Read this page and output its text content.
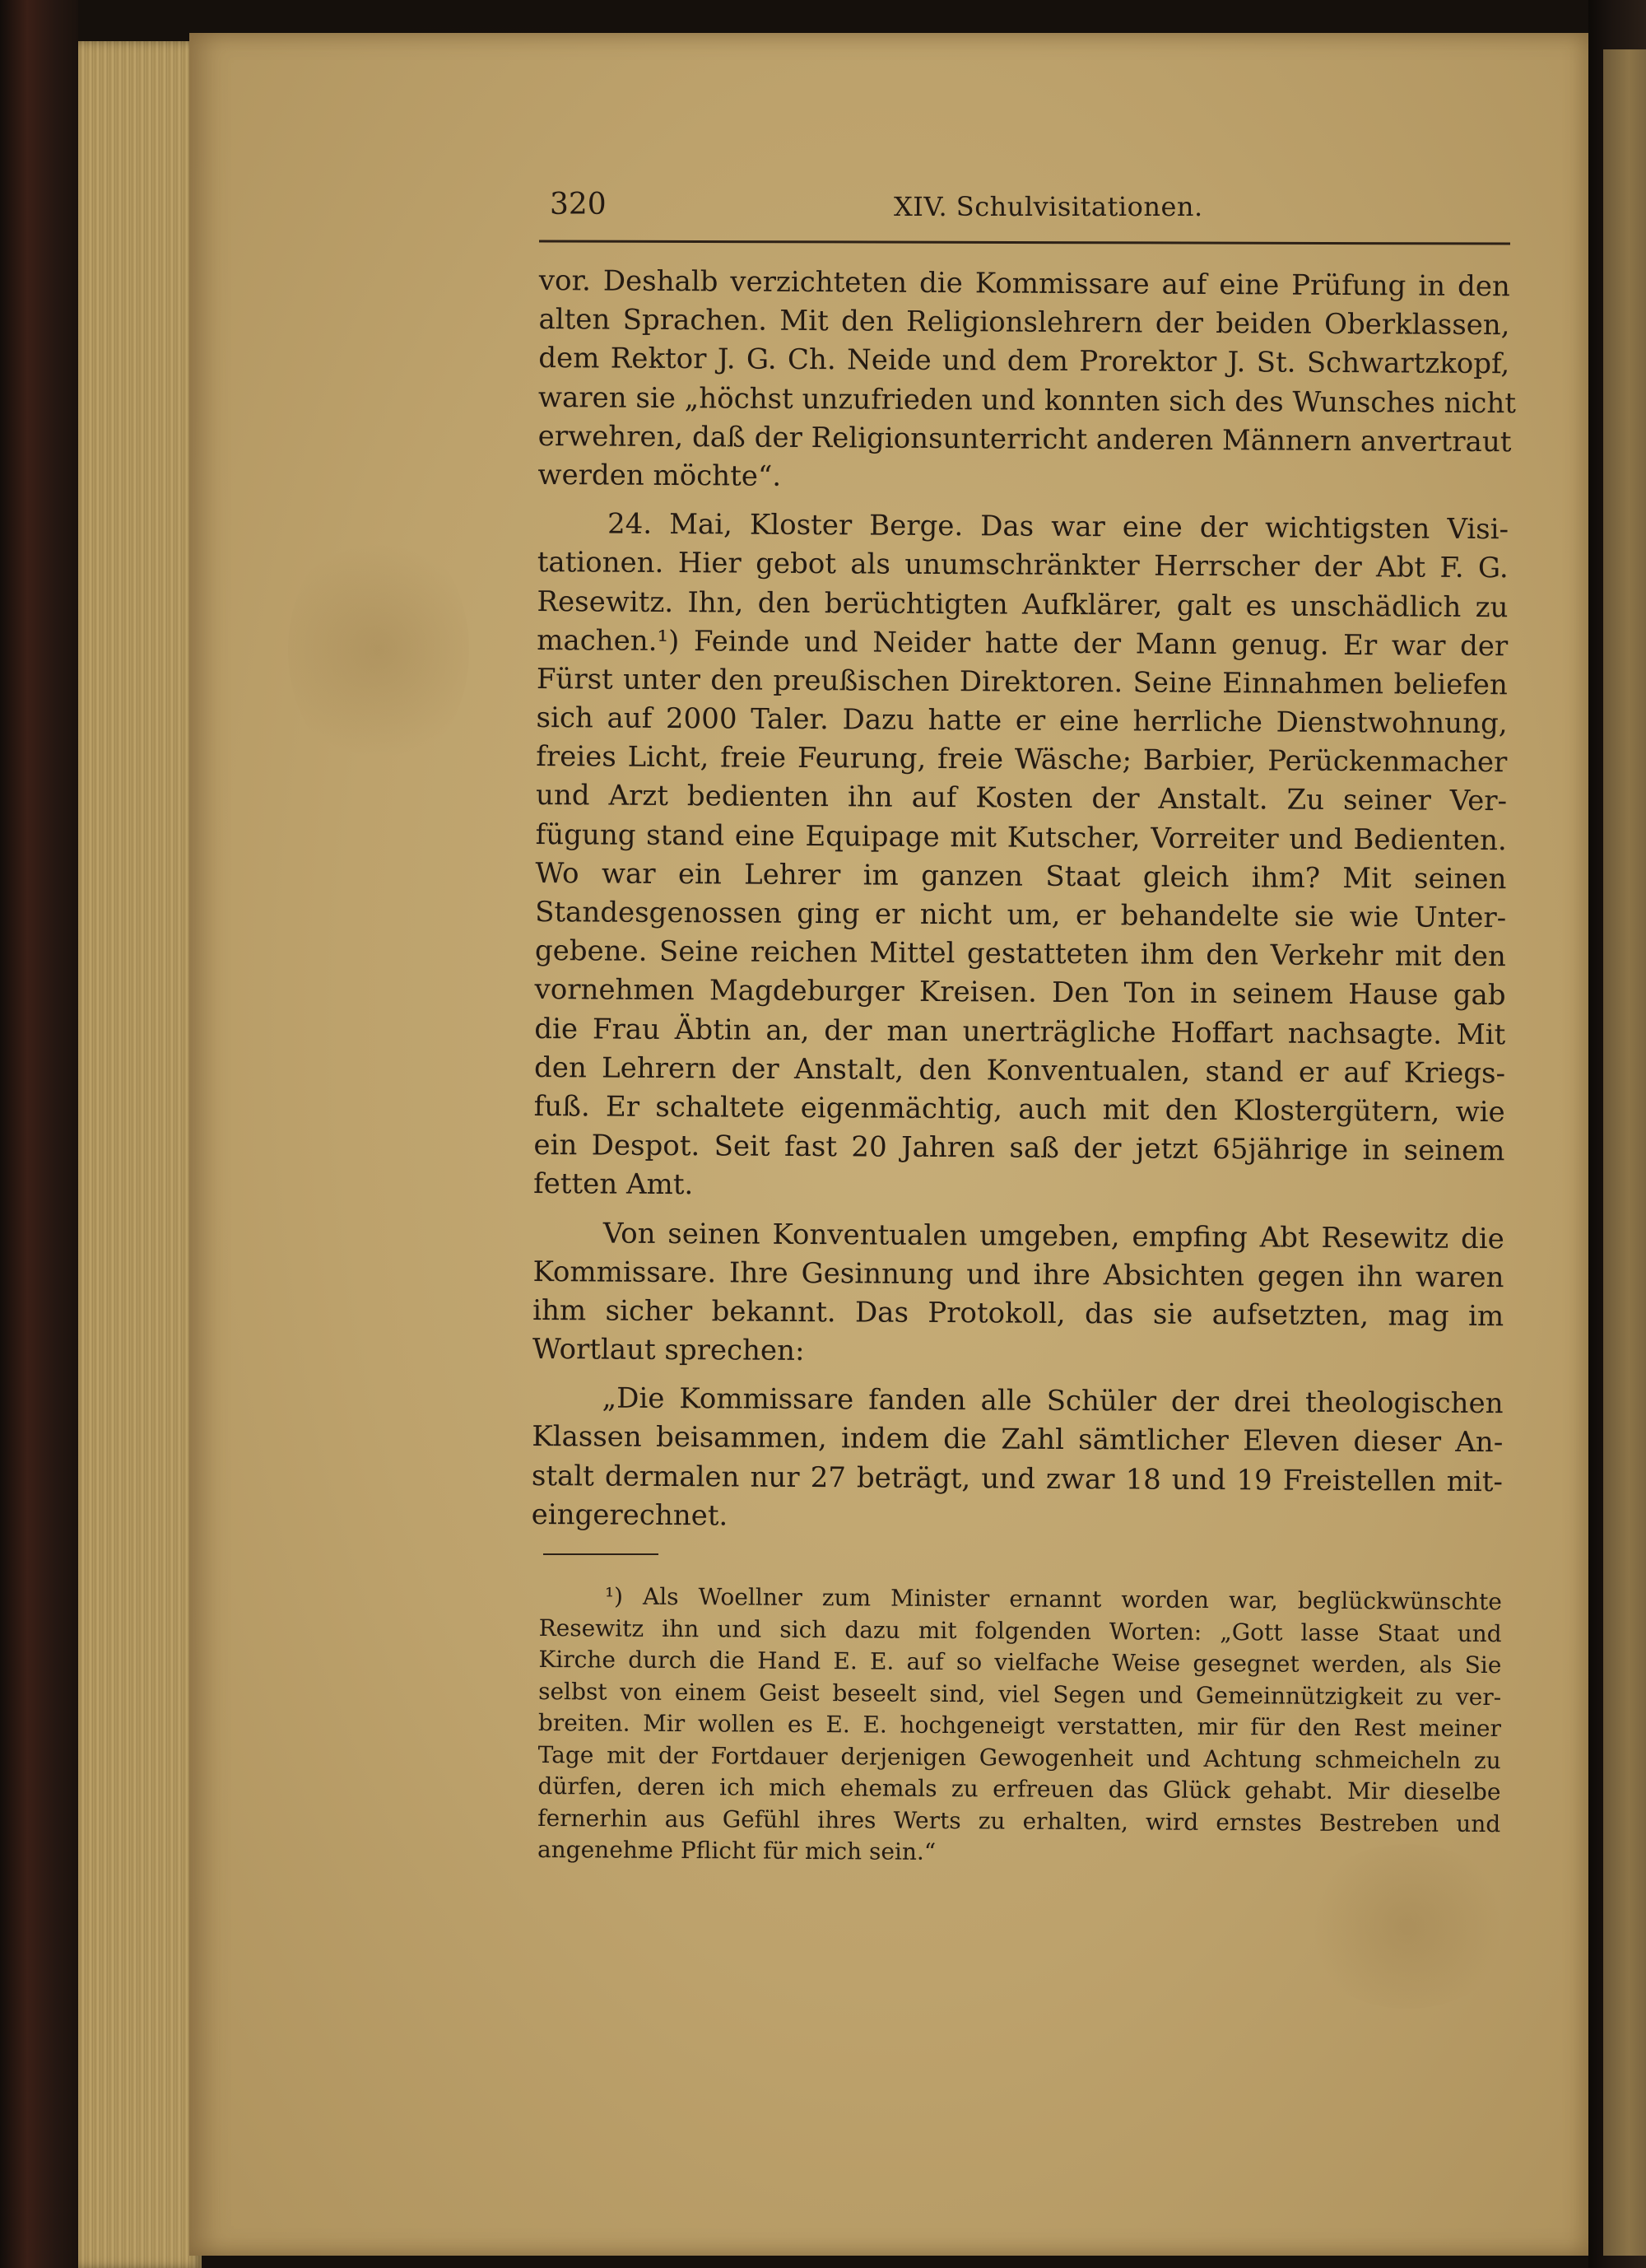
320	XIV. Schulvisitationen.
vor. Deshalb verzichteten die Kommissare auf eine Prüfung in den
alten Sprachen. Mit den Religionslehrern der beiden Oberklassen,
dem Rektor J. G. Ch. Neide und dem Prorektor J. St. Schwartzkopf,
waren sie „höchst unzufrieden und konnten sich des Wunsches nicht
erwehren, daß der Religionsunterricht anderen Männern anvertraut
werden möchte“.
24. Mai, Kloster Berge. Das war eine der wichtigsten Visi-
tationen. Hier gebot als unumschränkter Herrscher der Abt F. G.
Resewitz. Ihn, den berüchtigten Aufklärer, galt es unschädlich zu
machen.¹) Feinde und Neider hatte der Mann genug. Er war der
Fürst unter den preußischen Direktoren. Seine Einnahmen beliefen
sich auf 2000 Taler. Dazu hatte er eine herrliche Dienstwohnung,
freies Licht, freie Feurung, freie Wäsche; Barbier, Perückenmacher
und Arzt bedienten ihn auf Kosten der Anstalt. Zu seiner Ver-
fügung stand eine Equipage mit Kutscher, Vorreiter und Bedienten.
Wo war ein Lehrer im ganzen Staat gleich ihm? Mit seinen
Standesgenossen ging er nicht um, er behandelte sie wie Unter-
gebene. Seine reichen Mittel gestatteten ihm den Verkehr mit den
vornehmen Magdeburger Kreisen. Den Ton in seinem Hause gab
die Frau Äbtin an, der man unerträgliche Hoffart nachsagte. Mit
den Lehrern der Anstalt, den Konventualen, stand er auf Kriegs-
fuß. Er schaltete eigenmächtig, auch mit den Klostergütern, wie
ein Despot. Seit fast 20 Jahren saß der jetzt 65jährige in seinem
fetten Amt.
Von seinen Konventualen umgeben, empfing Abt Resewitz die
Kommissare. Ihre Gesinnung und ihre Absichten gegen ihn waren
ihm sicher bekannt. Das Protokoll, das sie aufsetzten, mag im
Wortlaut sprechen:
„Die Kommissare fanden alle Schüler der drei theologischen
Klassen beisammen, indem die Zahl sämtlicher Eleven dieser An-
stalt dermalen nur 27 beträgt, und zwar 18 und 19 Freistellen mit-
eingerechnet.
¹) Als Woellner zum Minister ernannt worden war, beglückwünschte
Resewitz ihn und sich dazu mit folgenden Worten: „Gott lasse Staat und
Kirche durch die Hand E. E. auf so vielfache Weise gesegnet werden, als Sie
selbst von einem Geist beseelt sind, viel Segen und Gemeinnützigkeit zu ver-
breiten. Mir wollen es E. E. hochgeneigt verstatten, mir für den Rest meiner
Tage mit der Fortdauer derjenigen Gewogenheit und Achtung schmeicheln zu
dürfen, deren ich mich ehemals zu erfreuen das Glück gehabt. Mir dieselbe
fernerhin aus Gefühl ihres Werts zu erhalten, wird ernstes Bestreben und
angenehme Pflicht für mich sein.“
